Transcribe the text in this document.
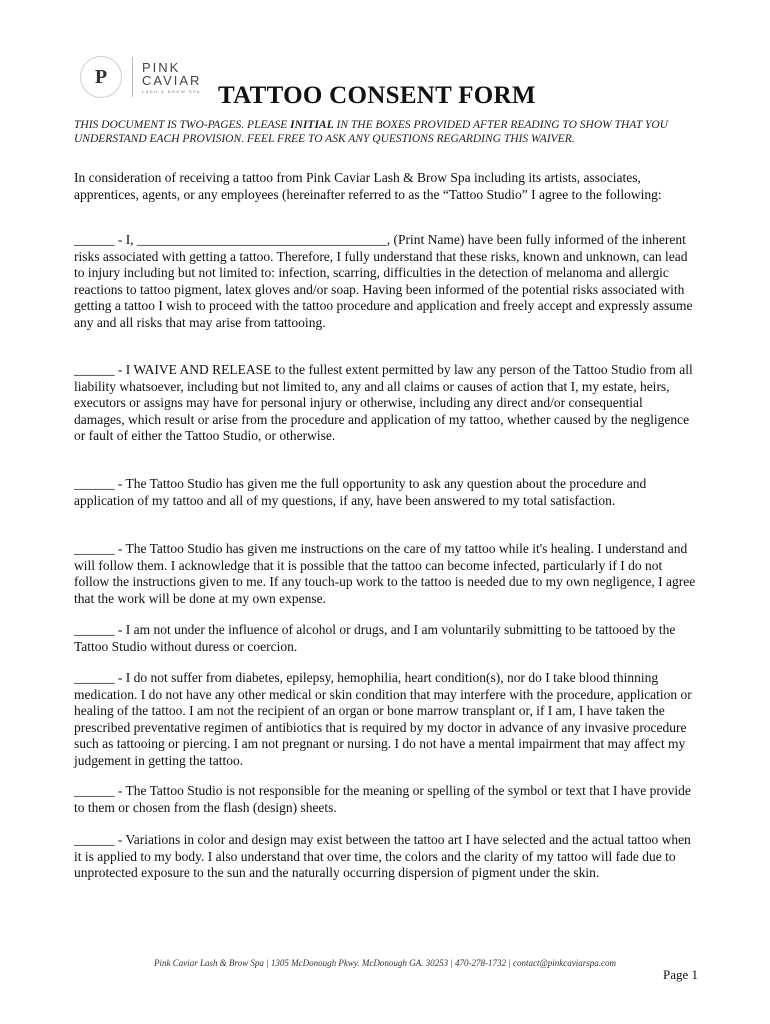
P	PINK
CAVIAR
LASH & BROW SPA TATTOO CONSENT FORM
THIS DOCUMENT IS TWO-PAGES. PLEASE INITIAL IN THE BOXES PROVIDED AFTER READING TO SHOW THAT YOU UNDERSTAND EACH PROVISION. FEEL FREE TO ASK ANY QUESTIONS REGARDING THIS WAIVER.
In consideration of receiving a tattoo from Pink Caviar Lash & Brow Spa including its artists, associates, apprentices, agents, or any employees (hereinafter referred to as the “Tattoo Studio” I agree to the following:
______ - I, _____________________________________, (Print Name) have been fully informed of the inherent risks associated with getting a tattoo. Therefore, I fully understand that these risks, known and unknown, can lead to injury including but not limited to: infection, scarring, difficulties in the detection of melanoma and allergic reactions to tattoo pigment, latex gloves and/or soap. Having been informed of the potential risks associated with getting a tattoo I wish to proceed with the tattoo procedure and application and freely accept and expressly assume any and all risks that may arise from tattooing.
______ - I WAIVE AND RELEASE to the fullest extent permitted by law any person of the Tattoo Studio from all liability whatsoever, including but not limited to, any and all claims or causes of action that I, my estate, heirs, executors or assigns may have for personal injury or otherwise, including any direct and/or consequential damages, which result or arise from the procedure and application of my tattoo, whether caused by the negligence or fault of either the Tattoo Studio, or otherwise.
______ - The Tattoo Studio has given me the full opportunity to ask any question about the procedure and application of my tattoo and all of my questions, if any, have been answered to my total satisfaction.
______ - The Tattoo Studio has given me instructions on the care of my tattoo while it's healing. I understand and will follow them. I acknowledge that it is possible that the tattoo can become infected, particularly if I do not follow the instructions given to me. If any touch-up work to the tattoo is needed due to my own negligence, I agree that the work will be done at my own expense.
______ - I am not under the influence of alcohol or drugs, and I am voluntarily submitting to be tattooed by the Tattoo Studio without duress or coercion.
______ - I do not suffer from diabetes, epilepsy, hemophilia, heart condition(s), nor do I take blood thinning medication. I do not have any other medical or skin condition that may interfere with the procedure, application or healing of the tattoo. I am not the recipient of an organ or bone marrow transplant or, if I am, I have taken the prescribed preventative regimen of antibiotics that is required by my doctor in advance of any invasive procedure such as tattooing or piercing. I am not pregnant or nursing. I do not have a mental impairment that may affect my judgement in getting the tattoo.
______ - The Tattoo Studio is not responsible for the meaning or spelling of the symbol or text that I have provide to them or chosen from the flash (design) sheets.
______ - Variations in color and design may exist between the tattoo art I have selected and the actual tattoo when it is applied to my body. I also understand that over time, the colors and the clarity of my tattoo will fade due to unprotected exposure to the sun and the naturally occurring dispersion of pigment under the skin.
Pink Caviar Lash & Brow Spa | 1305 McDonough Pkwy. McDonough GA. 30253 | 470-278-1732 | contact@pinkcaviarspa.com
Page 1
